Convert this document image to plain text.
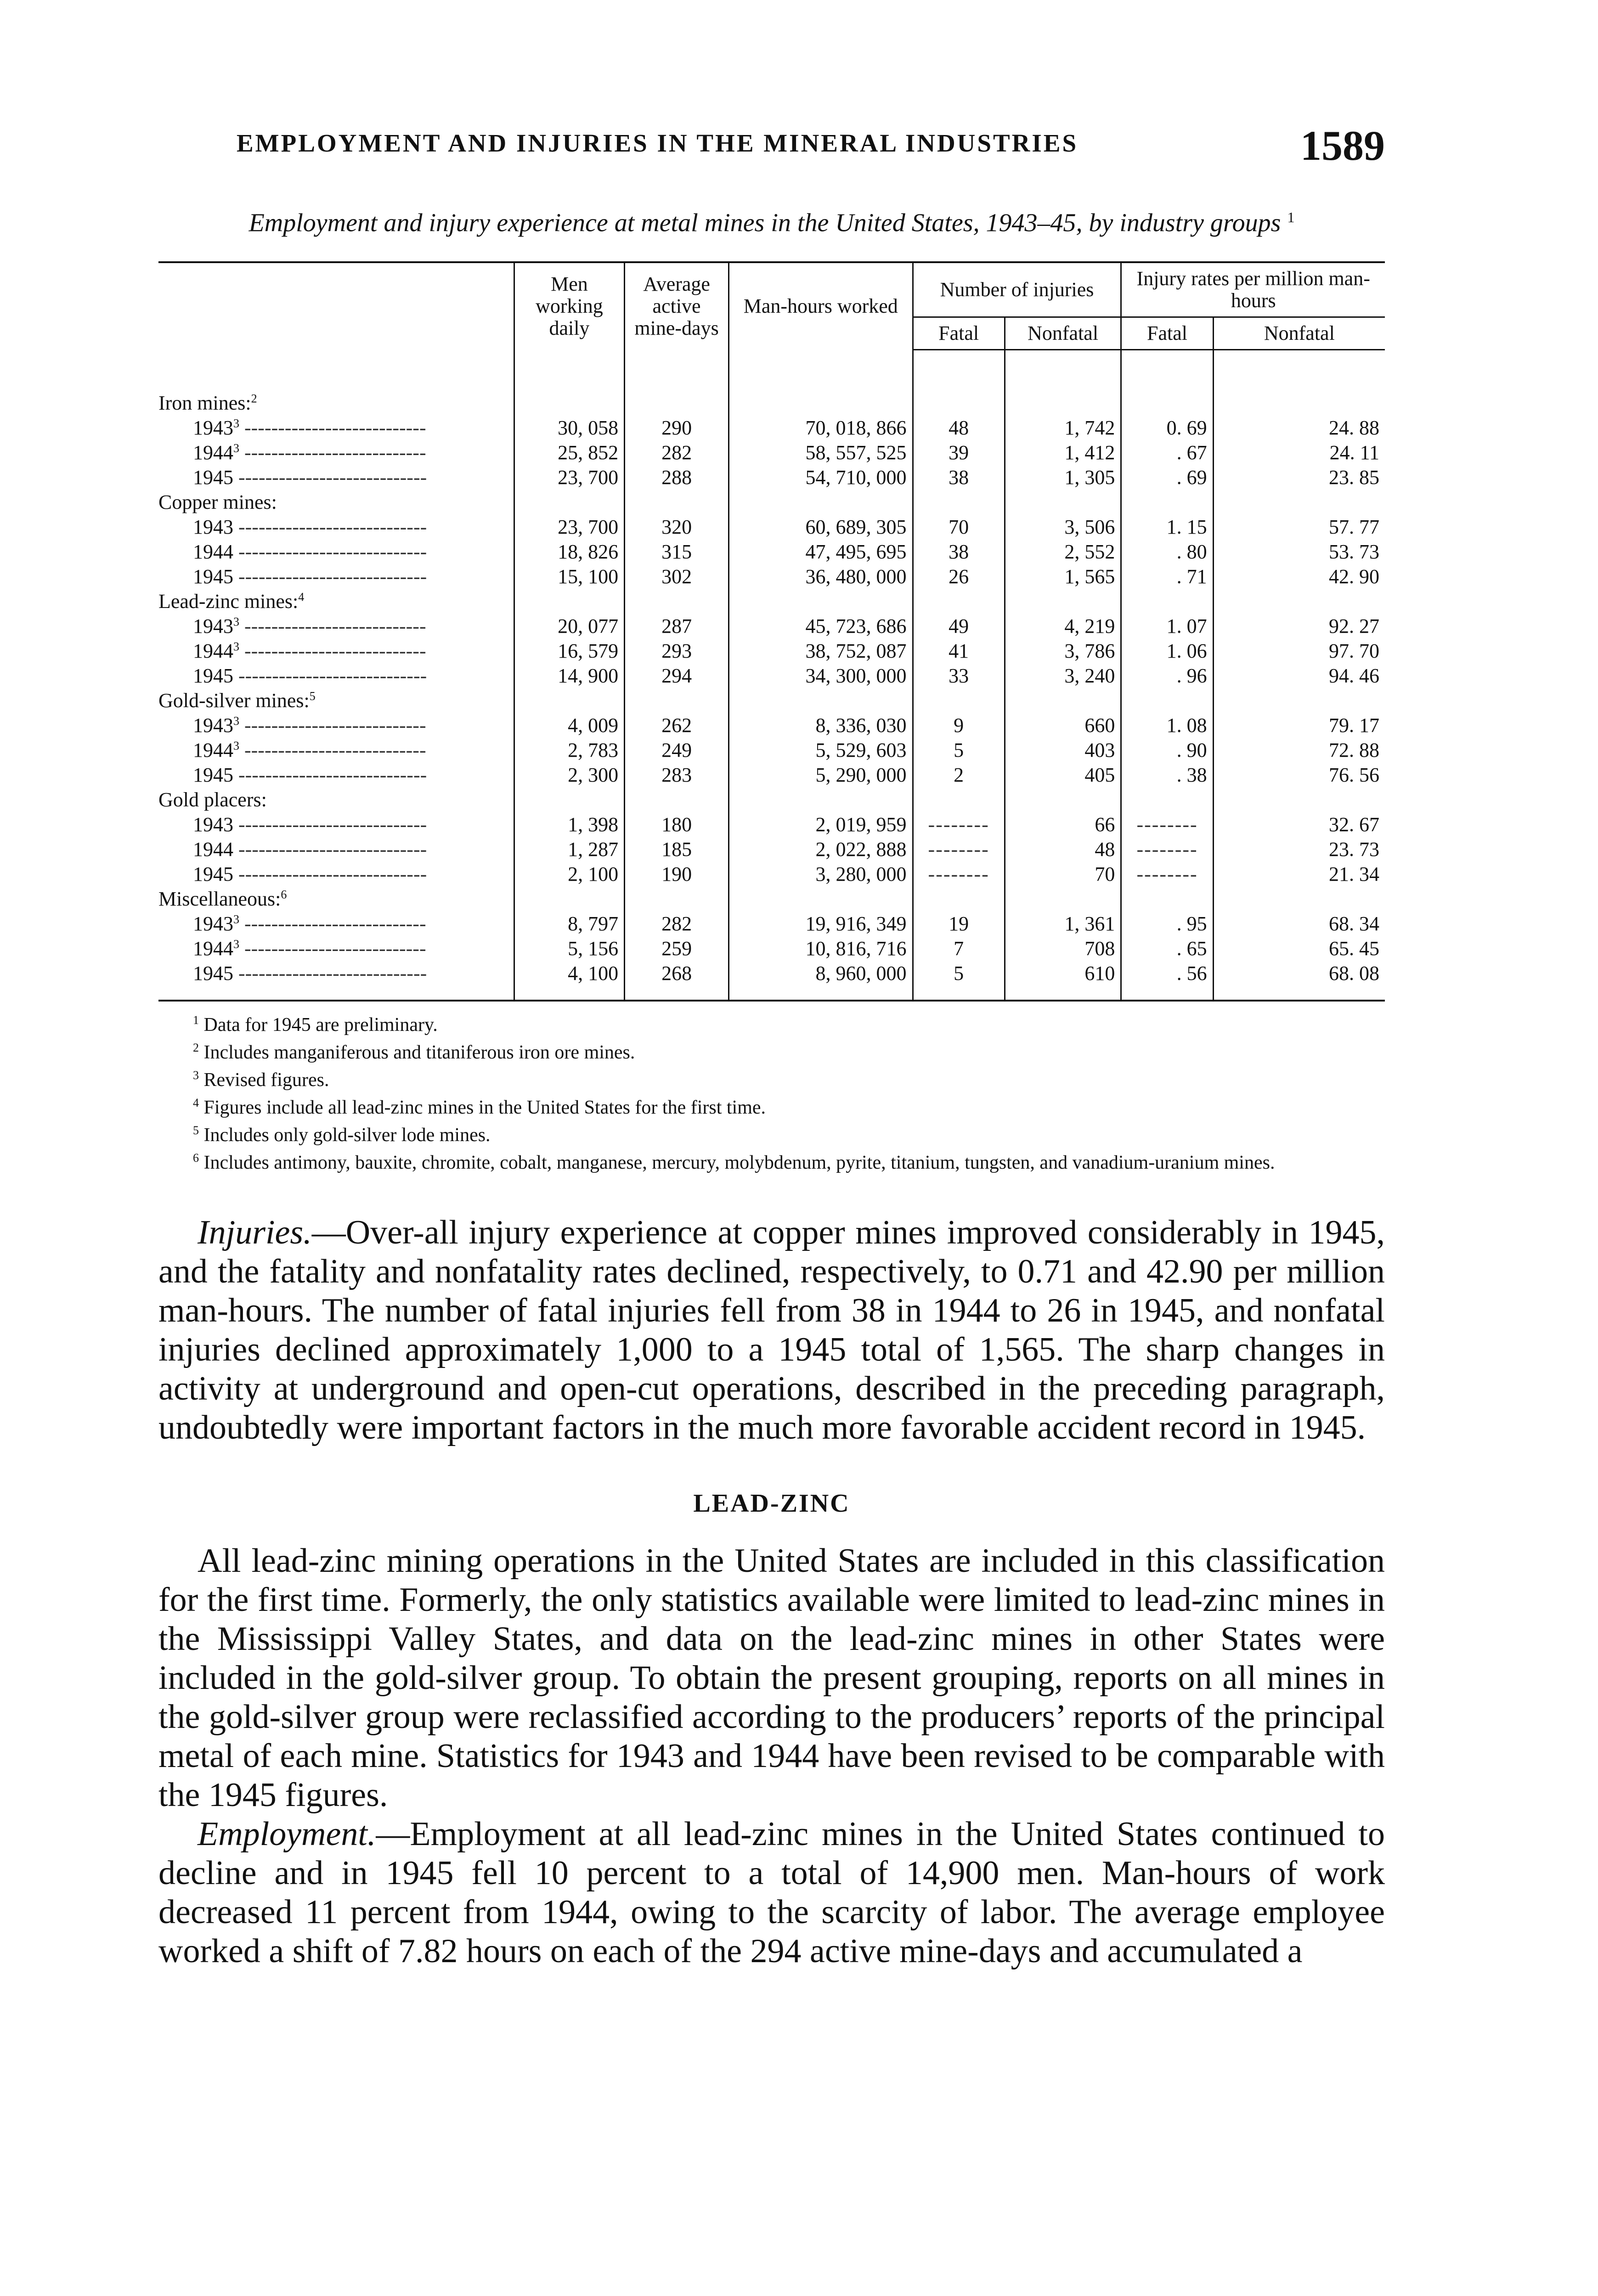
EMPLOYMENT AND INJURIES IN THE MINERAL INDUSTRIES	1589
Employment and injury experience at metal mines in the United States, 1943–45, by industry groups $^1$
	Men working daily	Average active mine-days	Man-hours worked	Number of injuries		Injury rates per million man-hours	
				Fatal	Nonfatal	Fatal	Nonfatal
Iron mines:$^2$							
1943$^3$ ---------------------------	30, 058	290	70, 018, 866	48	1, 742	0. 69	24. 88
1944$^3$ ---------------------------	25, 852	282	58, 557, 525	39	1, 412	. 67	24. 11
1945 ----------------------------	23, 700	288	54, 710, 000	38	1, 305	. 69	23. 85
Copper mines:							
1943 ----------------------------	23, 700	320	60, 689, 305	70	3, 506	1. 15	57. 77
1944 ----------------------------	18, 826	315	47, 495, 695	38	2, 552	. 80	53. 73
1945 ----------------------------	15, 100	302	36, 480, 000	26	1, 565	. 71	42. 90
Lead-zinc mines:$^4$							
1943$^3$ ---------------------------	20, 077	287	45, 723, 686	49	4, 219	1. 07	92. 27
1944$^3$ ---------------------------	16, 579	293	38, 752, 087	41	3, 786	1. 06	97. 70
1945 ----------------------------	14, 900	294	34, 300, 000	33	3, 240	. 96	94. 46
Gold-silver mines:$^5$							
1943$^3$ ---------------------------	4, 009	262	8, 336, 030	9	660	1. 08	79. 17
1944$^3$ ---------------------------	2, 783	249	5, 529, 603	5	403	. 90	72. 88
1945 ----------------------------	2, 300	283	5, 290, 000	2	405	. 38	76. 56
Gold placers:							
1943 ----------------------------	1, 398	180	2, 019, 959	--------	66	--------	32. 67
1944 ----------------------------	1, 287	185	2, 022, 888	--------	48	--------	23. 73
1945 ----------------------------	2, 100	190	3, 280, 000	--------	70	--------	21. 34
Miscellaneous:$^6$							
1943$^3$ ---------------------------	8, 797	282	19, 916, 349	19	1, 361	. 95	68. 34
1944$^3$ ---------------------------	5, 156	259	10, 816, 716	7	708	. 65	65. 45
1945 ----------------------------	4, 100	268	8, 960, 000	5	610	. 56	68. 08

$^1$ Data for 1945 are preliminary.
$^2$ Includes manganiferous and titaniferous iron ore mines.
$^3$ Revised figures.
$^4$ Figures include all lead-zinc mines in the United States for the first time.
$^5$ Includes only gold-silver lode mines.
$^6$ Includes antimony, bauxite, chromite, cobalt, manganese, mercury, molybdenum, pyrite, titanium, tungsten, and vanadium-uranium mines.

Injuries.—Over-all injury experience at copper mines improved considerably in 1945, and the fatality and nonfatality rates declined, respectively, to 0.71 and 42.90 per million man-hours. The number of fatal injuries fell from 38 in 1944 to 26 in 1945, and nonfatal injuries declined approximately 1,000 to a 1945 total of 1,565. The sharp changes in activity at underground and open-cut operations, described in the preceding paragraph, undoubtedly were important factors in the much more favorable accident record in 1945.

LEAD-ZINC

All lead-zinc mining operations in the United States are included in this classification for the first time. Formerly, the only statistics available were limited to lead-zinc mines in the Mississippi Valley States, and data on the lead-zinc mines in other States were included in the gold-silver group. To obtain the present grouping, reports on all mines in the gold-silver group were reclassified according to the producers’ reports of the principal metal of each mine. Statistics for 1943 and 1944 have been revised to be comparable with the 1945 figures.

Employment.—Employment at all lead-zinc mines in the United States continued to decline and in 1945 fell 10 percent to a total of 14,900 men. Man-hours of work decreased 11 percent from 1944, owing to the scarcity of labor. The average employee worked a shift of 7.82 hours on each of the 294 active mine-days and accumulated a
